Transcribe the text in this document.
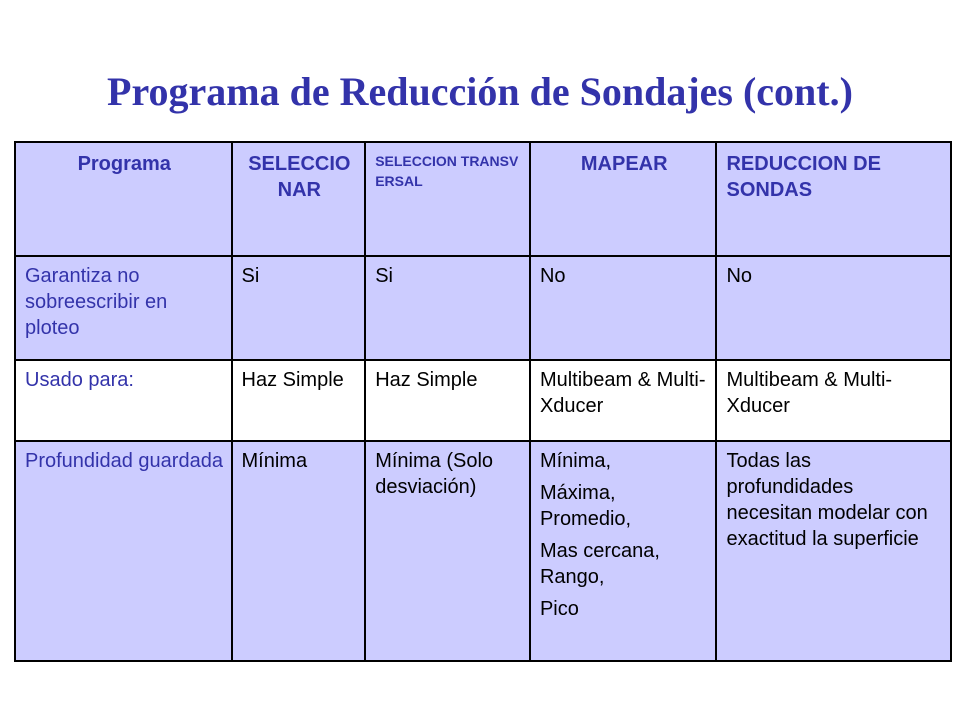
Programa de Reducción de Sondajes (cont.)
Programa	SELECCIONAR	SELECCION TRANSVERSAL	MAPEAR	REDUCCION DE SONDAS
Garantiza no sobreescribir en ploteo	Si	Si	No	No
Usado para:	Haz Simple	Haz Simple	Multibeam & Multi-Xducer	Multibeam & Multi-Xducer
Profundidad guardada	Mínima	Mínima (Solo desviación)	Mínima,
Máxima, Promedio,
Mas cercana, Rango,
Pico	Todas las profundidades necesitan modelar con exactitud la superficie
